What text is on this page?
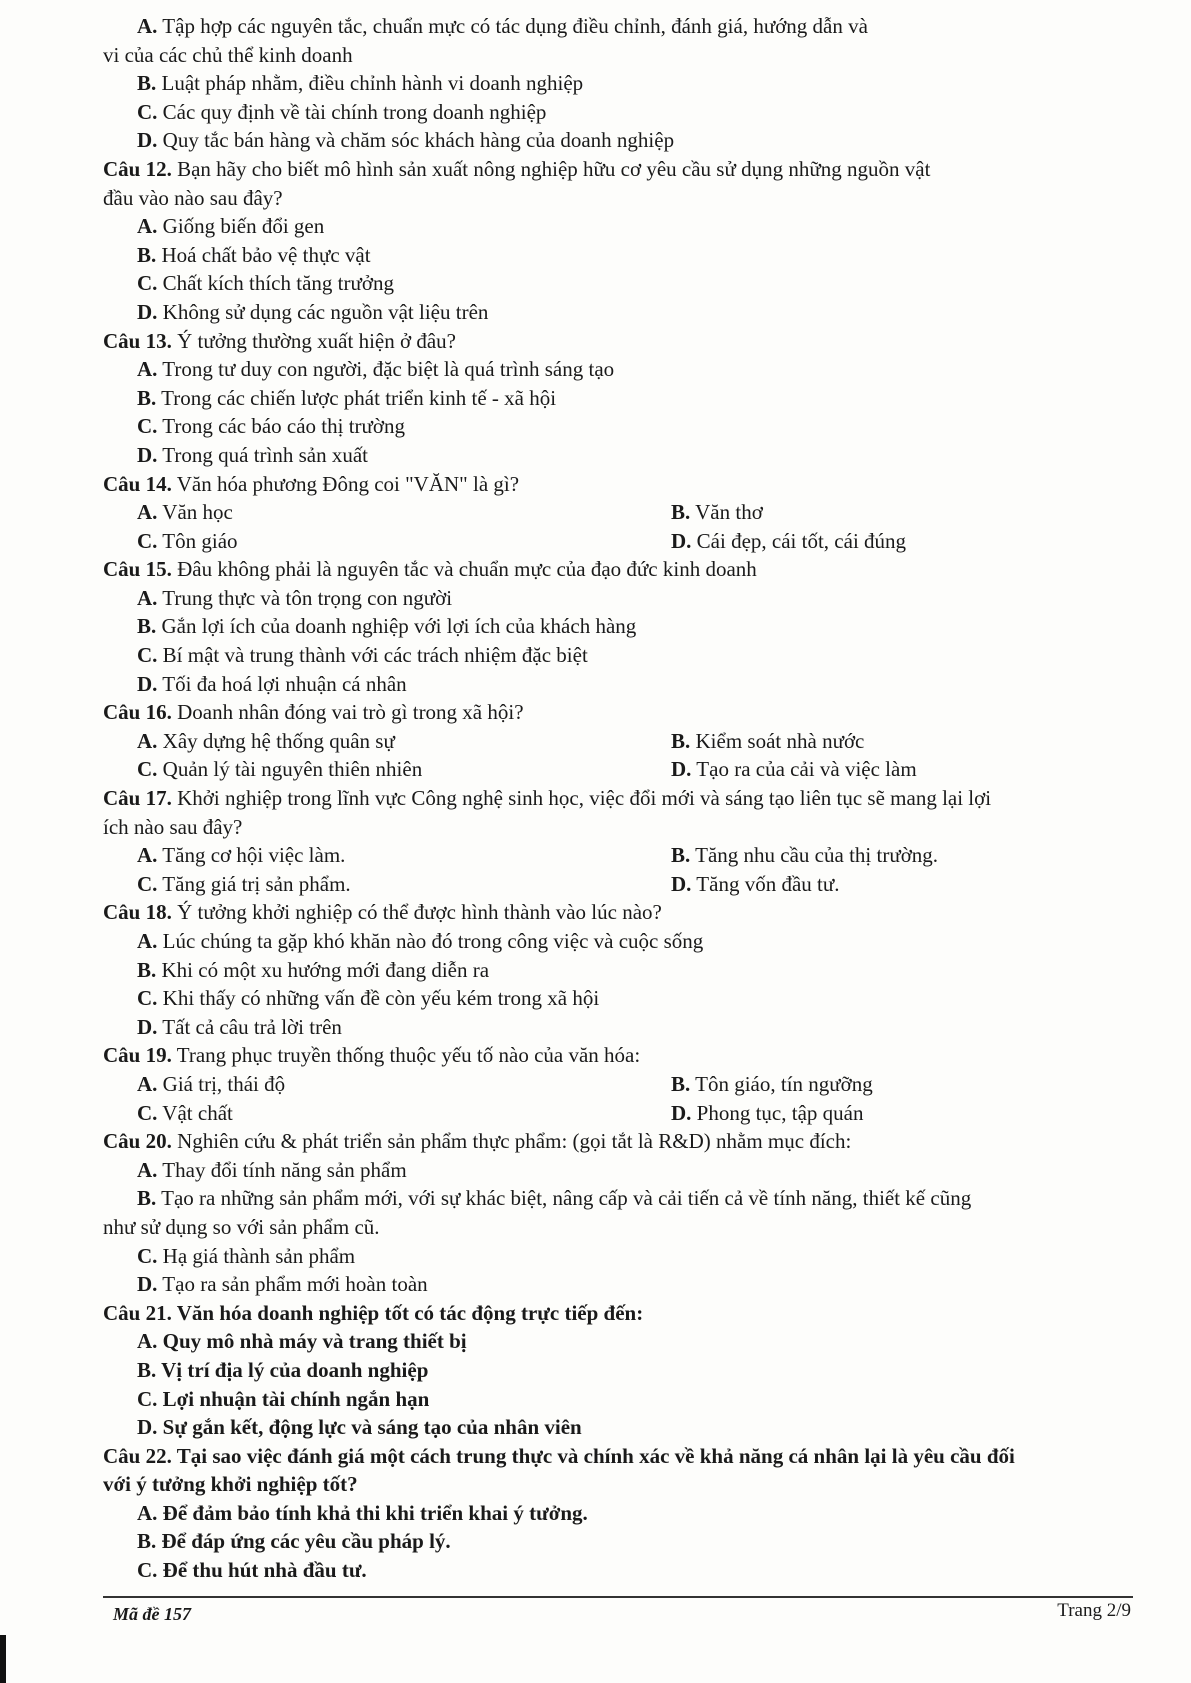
A. Tập hợp các nguyên tắc, chuẩn mực có tác dụng điều chỉnh, đánh giá, hướng dẫn và
vi của các chủ thể kinh doanh
B. Luật pháp nhằm, điều chỉnh hành vi doanh nghiệp
C. Các quy định về tài chính trong doanh nghiệp
D. Quy tắc bán hàng và chăm sóc khách hàng của doanh nghiệp
Câu 12. Bạn hãy cho biết mô hình sản xuất nông nghiệp hữu cơ yêu cầu sử dụng những nguồn vật
đầu vào nào sau đây?
A. Giống biến đổi gen
B. Hoá chất bảo vệ thực vật
C. Chất kích thích tăng trưởng
D. Không sử dụng các nguồn vật liệu trên
Câu 13. Ý tưởng thường xuất hiện ở đâu?
A. Trong tư duy con người, đặc biệt là quá trình sáng tạo
B. Trong các chiến lược phát triển kinh tế - xã hội
C. Trong các báo cáo thị trường
D. Trong quá trình sản xuất
Câu 14. Văn hóa phương Đông coi "VĂN" là gì?
A. Văn học	B. Văn thơ
C. Tôn giáo	D. Cái đẹp, cái tốt, cái đúng
Câu 15. Đâu không phải là nguyên tắc và chuẩn mực của đạo đức kinh doanh
A. Trung thực và tôn trọng con người
B. Gắn lợi ích của doanh nghiệp với lợi ích của khách hàng
C. Bí mật và trung thành với các trách nhiệm đặc biệt
D. Tối đa hoá lợi nhuận cá nhân
Câu 16. Doanh nhân đóng vai trò gì trong xã hội?
A. Xây dựng hệ thống quân sự	B. Kiểm soát nhà nước
C. Quản lý tài nguyên thiên nhiên	D. Tạo ra của cải và việc làm
Câu 17. Khởi nghiệp trong lĩnh vực Công nghệ sinh học, việc đổi mới và sáng tạo liên tục sẽ mang lại lợi
ích nào sau đây?
A. Tăng cơ hội việc làm.	B. Tăng nhu cầu của thị trường.
C. Tăng giá trị sản phẩm.	D. Tăng vốn đầu tư.
Câu 18. Ý tưởng khởi nghiệp có thể được hình thành vào lúc nào?
A. Lúc chúng ta gặp khó khăn nào đó trong công việc và cuộc sống
B. Khi có một xu hướng mới đang diễn ra
C. Khi thấy có những vấn đề còn yếu kém trong xã hội
D. Tất cả câu trả lời trên
Câu 19. Trang phục truyền thống thuộc yếu tố nào của văn hóa:
A. Giá trị, thái độ	B. Tôn giáo, tín ngưỡng
C. Vật chất	D. Phong tục, tập quán
Câu 20. Nghiên cứu & phát triển sản phẩm thực phẩm: (gọi tắt là R&D) nhằm mục đích:
A. Thay đổi tính năng sản phẩm
B. Tạo ra những sản phẩm mới, với sự khác biệt, nâng cấp và cải tiến cả về tính năng, thiết kế cũng
như sử dụng so với sản phẩm cũ.
C. Hạ giá thành sản phẩm
D. Tạo ra sản phẩm mới hoàn toàn
Câu 21. Văn hóa doanh nghiệp tốt có tác động trực tiếp đến:
A. Quy mô nhà máy và trang thiết bị
B. Vị trí địa lý của doanh nghiệp
C. Lợi nhuận tài chính ngắn hạn
D. Sự gắn kết, động lực và sáng tạo của nhân viên
Câu 22. Tại sao việc đánh giá một cách trung thực và chính xác về khả năng cá nhân lại là yêu cầu đối
với ý tưởng khởi nghiệp tốt?
A. Để đảm bảo tính khả thi khi triển khai ý tưởng.
B. Để đáp ứng các yêu cầu pháp lý.
C. Để thu hút nhà đầu tư.
Mã đề 157	Trang 2/9
